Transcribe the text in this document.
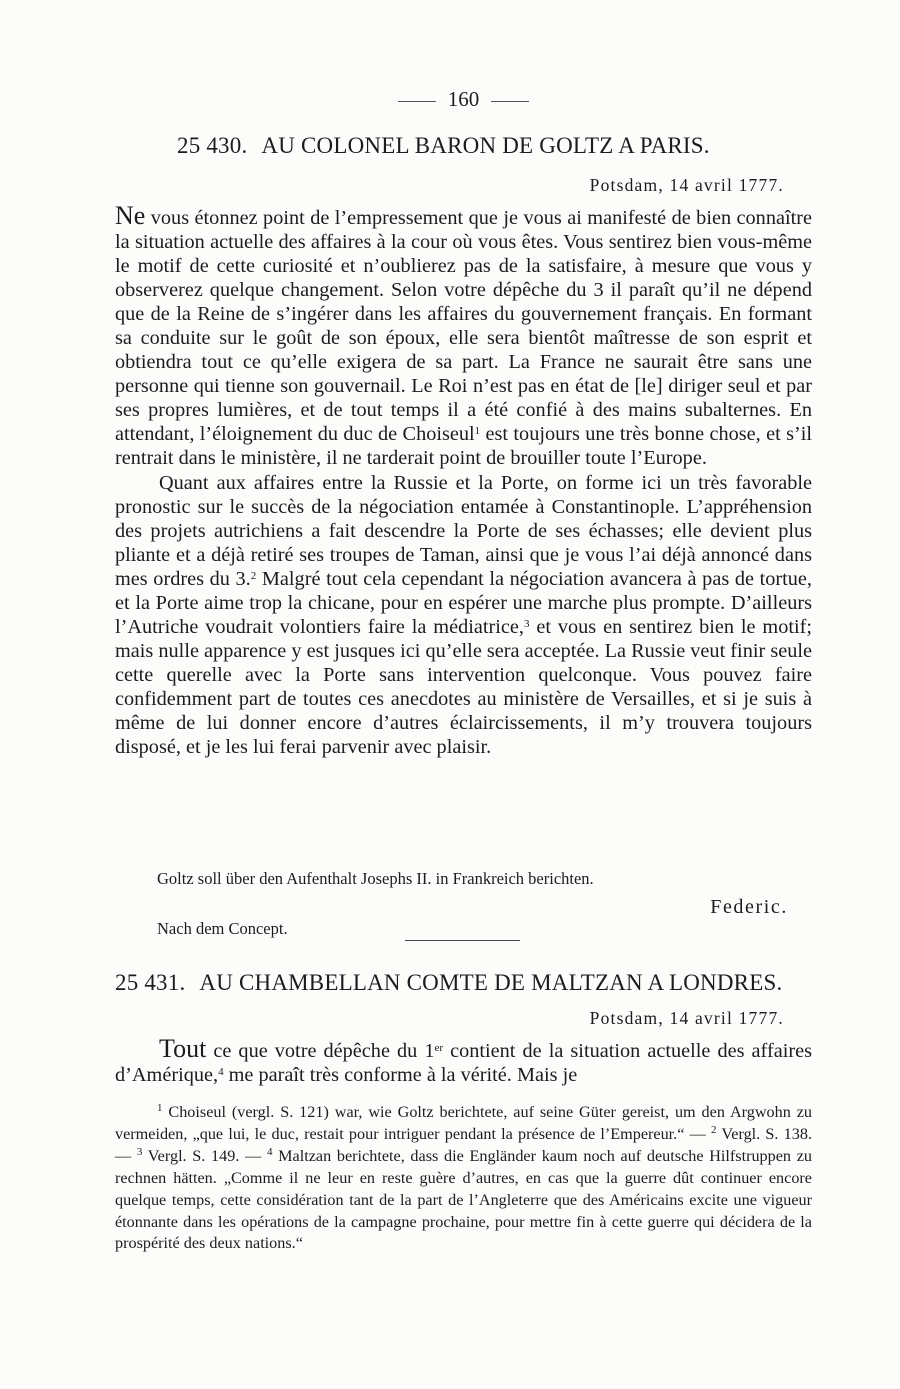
160
25 430. AU COLONEL BARON DE GOLTZ A PARIS.
Potsdam, 14 avril 1777.

Ne vous étonnez point de l’empressement que je vous ai manifesté de bien connaître la situation actuelle des affaires à la cour où vous êtes. Vous sentirez bien vous-même le motif de cette curiosité et n’oublierez pas de la satisfaire, à mesure que vous y observerez quelque changement. Selon votre dépêche du 3 il paraît qu’il ne dépend que de la Reine de s’ingérer dans les affaires du gouvernement français. En formant sa conduite sur le goût de son époux, elle sera bientôt maîtresse de son esprit et obtiendra tout ce qu’elle exigera de sa part. La France ne saurait être sans une personne qui tienne son gouvernail. Le Roi n’est pas en état de [le] diriger seul et par ses propres lumières, et de tout temps il a été confié à des mains subalternes. En attendant, l’éloignement du duc de Choiseul$^1$ est toujours une très bonne chose, et s’il rentrait dans le ministère, il ne tarderait point de brouiller toute l’Europe.

Quant aux affaires entre la Russie et la Porte, on forme ici un très favorable pronostic sur le succès de la négociation entamée à Constantinople. L’appréhension des projets autrichiens a fait descendre la Porte de ses échasses; elle devient plus pliante et a déjà retiré ses troupes de Taman, ainsi que je vous l’ai déjà annoncé dans mes ordres du 3.$^2$ Malgré tout cela cependant la négociation avancera à pas de tortue, et la Porte aime trop la chicane, pour en espérer une marche plus prompte. D’ailleurs l’Autriche voudrait volontiers faire la médiatrice,$^3$ et vous en sentirez bien le motif; mais nulle apparence y est jusques ici qu’elle sera acceptée. La Russie veut finir seule cette querelle avec la Porte sans intervention quelconque. Vous pouvez faire confidemment part de toutes ces anecdotes au ministère de Versailles, et si je suis à même de lui donner encore d’autres éclaircissements, il m’y trouvera toujours disposé, et je les lui ferai parvenir avec plaisir.

Goltz soll über den Aufenthalt Josephs II. in Frankreich berichten.
Federic.
Nach dem Concept.
25 431. AU CHAMBELLAN COMTE DE MALTZAN A LONDRES.
Potsdam, 14 avril 1777.

Tout ce que votre dépêche du 1er contient de la situation actuelle des affaires d’Amérique,$^4$ me paraît très conforme à la vérité. Mais je

$^1$ Choiseul (vergl. S. 121) war, wie Goltz berichtete, auf seine Güter gereist, um den Argwohn zu vermeiden, „que lui, le duc, restait pour intriguer pendant la présence de l’Empereur.“ — $^2$ Vergl. S. 138. — $^3$ Vergl. S. 149. — $^4$ Maltzan berichtete, dass die Engländer kaum noch auf deutsche Hilfstruppen zu rechnen hätten. „Comme il ne leur en reste guère d’autres, en cas que la guerre dût continuer encore quelque temps, cette considération tant de la part de l’Angleterre que des Américains excite une vigueur étonnante dans les opérations de la campagne prochaine, pour mettre fin à cette guerre qui décidera de la prospérité des deux nations.“
